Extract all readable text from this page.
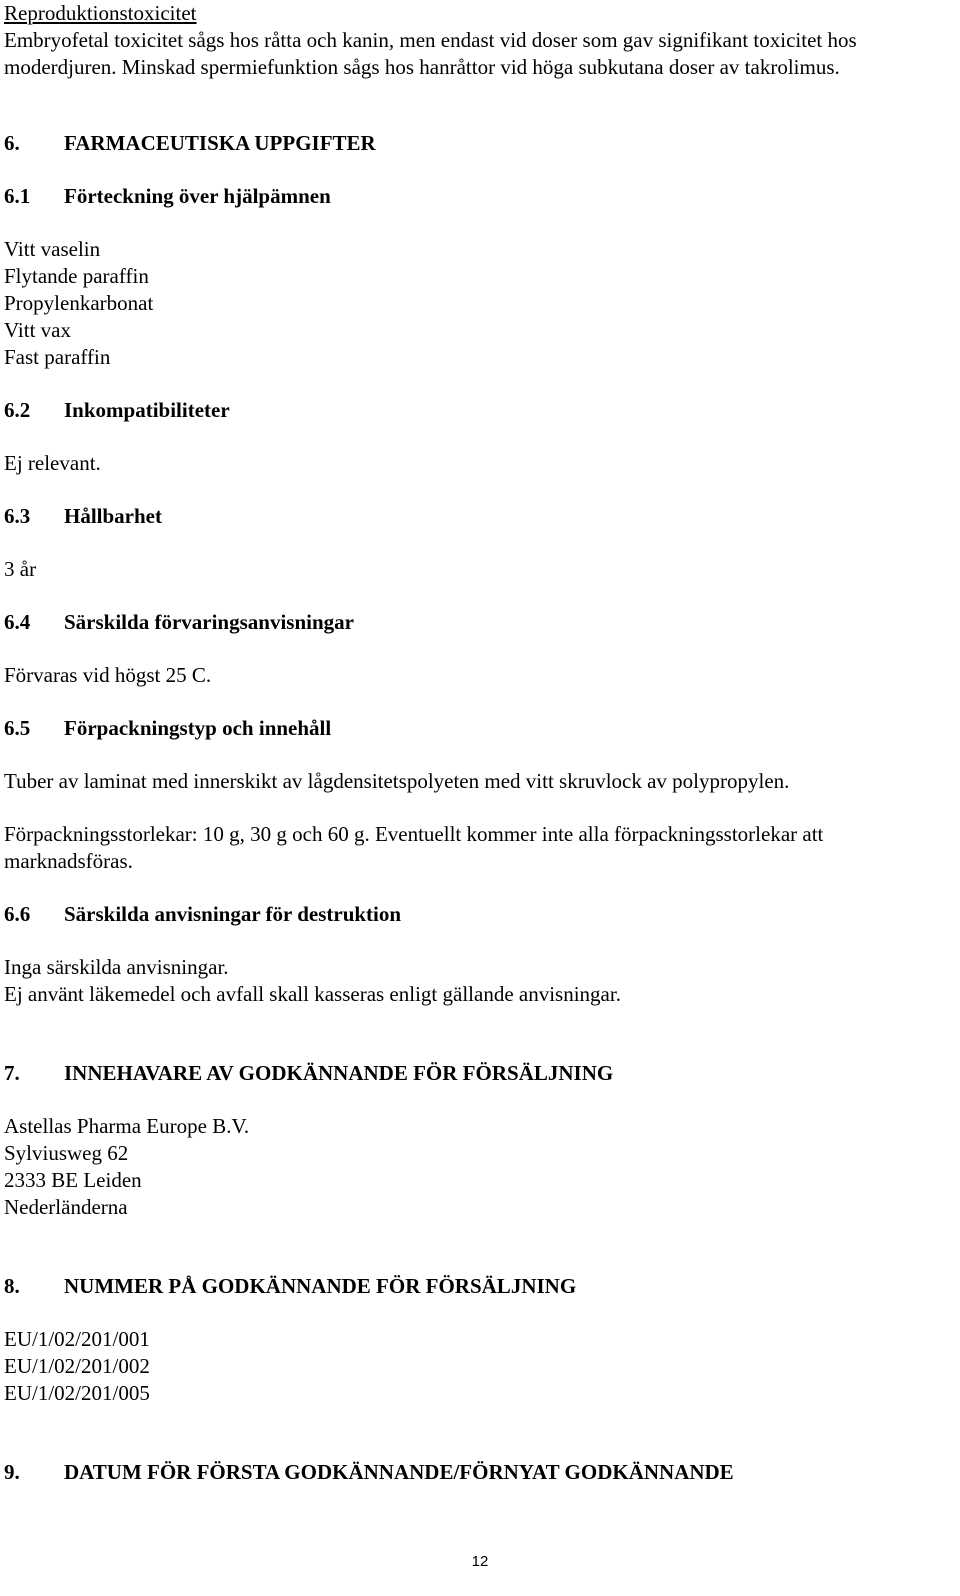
Reproduktionstoxicitet
Embryofetal toxicitet sågs hos råtta och kanin, men endast vid doser som gav signifikant toxicitet hos moderdjuren. Minskad spermiefunktion sågs hos hanråttor vid höga subkutana doser av takrolimus.
6. FARMACEUTISKA UPPGIFTER
6.1 Förteckning över hjälpämnen
Vitt vaselin
Flytande paraffin
Propylenkarbonat
Vitt vax
Fast paraffin
6.2 Inkompatibiliteter
Ej relevant.
6.3 Hållbarhet
3 år
6.4 Särskilda förvaringsanvisningar
Förvaras vid högst 25 C.
6.5 Förpackningstyp och innehåll
Tuber av laminat med innerskikt av lågdensitetspolyeten med vitt skruvlock av polypropylen.
Förpackningsstorlekar: 10 g, 30 g och 60 g. Eventuellt kommer inte alla förpackningsstorlekar att marknadsföras.
6.6 Särskilda anvisningar för destruktion
Inga särskilda anvisningar.
Ej använt läkemedel och avfall skall kasseras enligt gällande anvisningar.
7. INNEHAVARE AV GODKÄNNANDE FÖR FÖRSÄLJNING
Astellas Pharma Europe B.V.
Sylviusweg 62
2333 BE Leiden
Nederländerna
8. NUMMER PÅ GODKÄNNANDE FÖR FÖRSÄLJNING
EU/1/02/201/001
EU/1/02/201/002
EU/1/02/201/005
9. DATUM FÖR FÖRSTA GODKÄNNANDE/FÖRNYAT GODKÄNNANDE
12
